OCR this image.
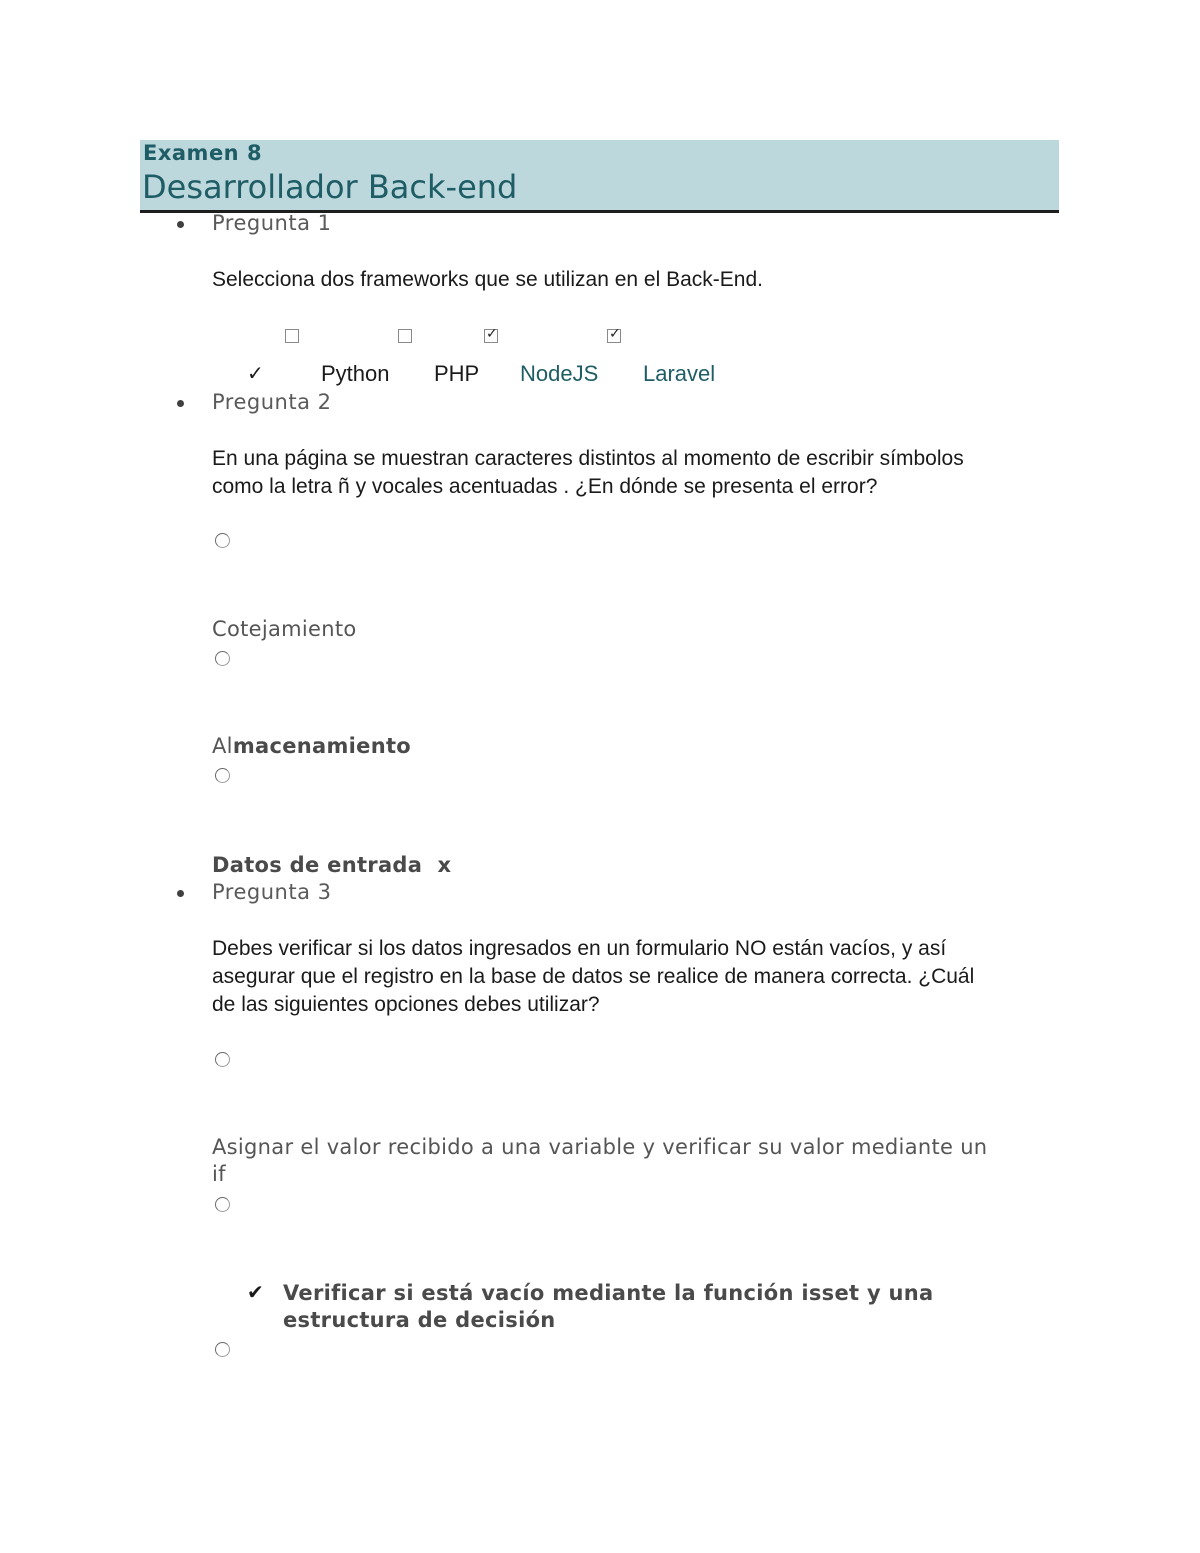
Examen 8
Desarrollador Back-end
Pregunta 1
Selecciona dos frameworks que se utilizan en el Back-End.
✓	✓
✓	Python PHP NodeJS Laravel
Pregunta 2
En una página se muestran caracteres distintos al momento de escribir símbolos
como la letra ñ y vocales acentuadas . ¿En dónde se presenta el error?
Cotejamiento
Almacenamiento
Datos de entrada  x
Pregunta 3
Debes verificar si los datos ingresados en un formulario NO están vacíos, y así
asegurar que el registro en la base de datos se realice de manera correcta. ¿Cuál
de las siguientes opciones debes utilizar?
Asignar el valor recibido a una variable y verificar su valor mediante un
if
✔ Verificar si está vacío mediante la función isset y una
estructura de decisión
